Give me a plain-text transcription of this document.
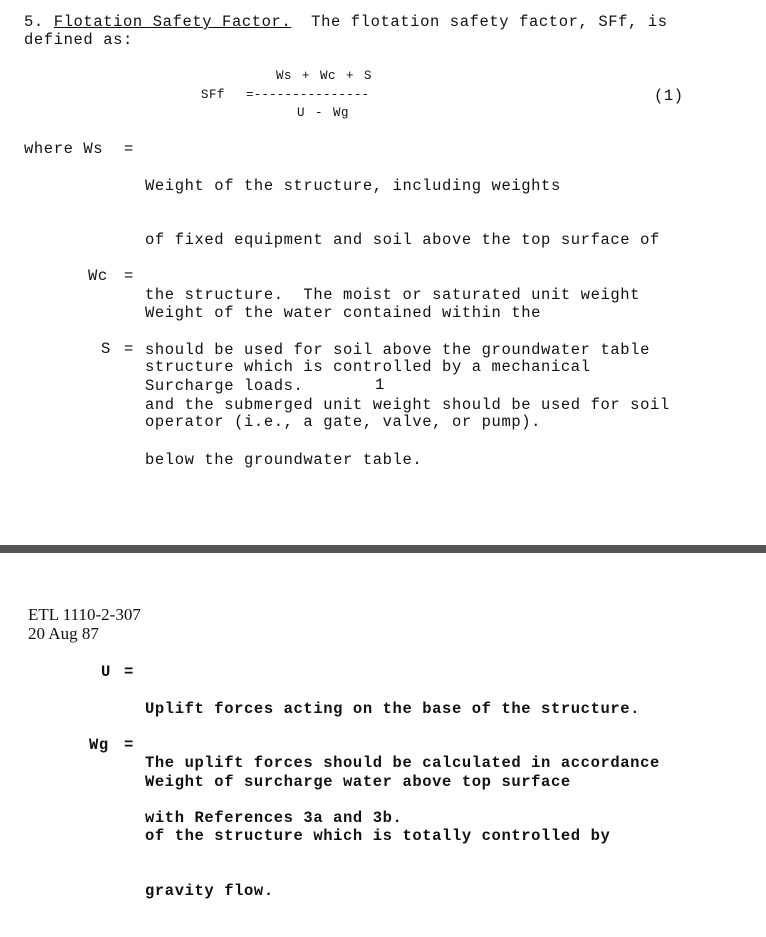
5. Flotation Safety Factor. The flotation safety factor, SFf, is
defined as:
Ws + Wc + S
SFf =---------------	(1)
U - Wg
where Ws =

Weight of the structure, including weights

of fixed equipment and soil above the top surface of

the structure.  The moist or saturated unit weight

should be used for soil above the groundwater table

and the submerged unit weight should be used for soil

below the groundwater table.

Wc =

Weight of the water contained within the

structure which is controlled by a mechanical

operator (i.e., a gate, valve, or pump).

S =

Surcharge loads.

	1
ETL 1110-2-307
20 Aug 87
U =

Uplift forces acting on the base of the structure.

The uplift forces should be calculated in accordance

with References 3a and 3b.

Wg =

Weight of surcharge water above top surface

of the structure which is totally controlled by

gravity flow.
